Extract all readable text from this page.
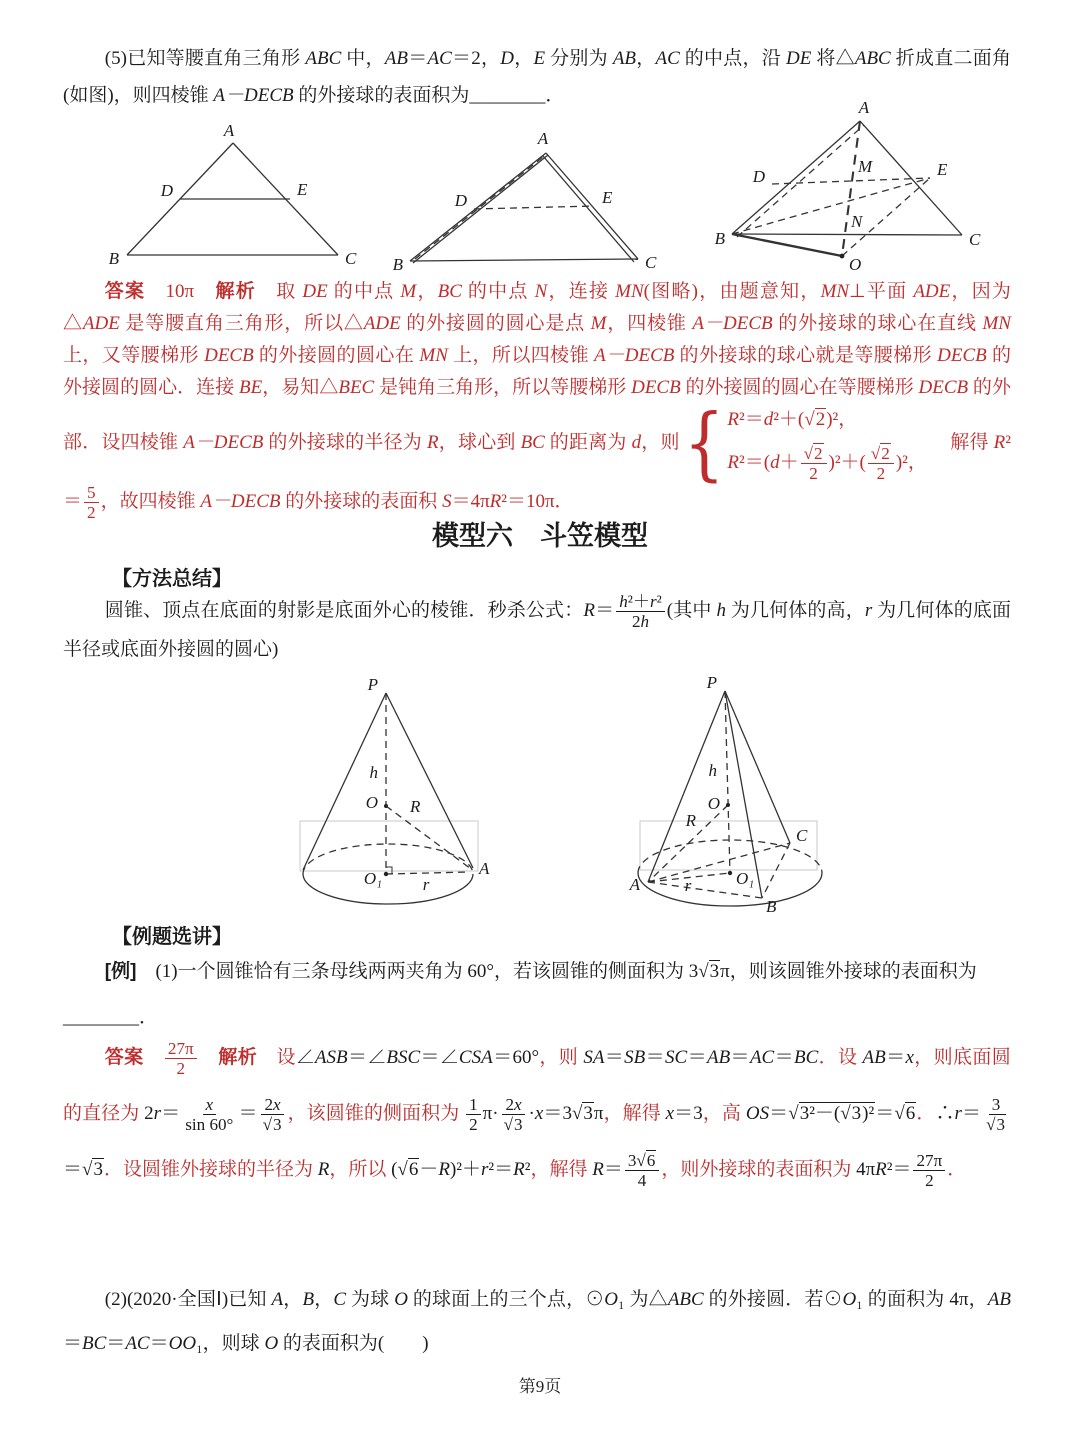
(5)已知等腰直角三角形 ABC 中，AB＝AC＝2，D，E 分别为 AB，AC 的中点，沿 DE 将△ABC 折成直二面角(如图)，则四棱锥 A－DECB 的外接球的表面积为________．
A
B	C
D	E
A
B	C
D	E
A
D
M	E
B
N
C
O
答案　10π　解析　取 DE 的中点 M，BC 的中点 N，连接 MN(图略)，由题意知，MN⊥平面 ADE，因为△ADE 是等腰直角三角形，所以△ADE 的外接圆的圆心是点 M，四棱锥 A－DECB 的外接球的球心在直线 MN 上，又等腰梯形 DECB 的外接圆的圆心在 MN 上，所以四棱锥 A－DECB 的外接球的球心就是等腰梯形 DECB 的外接圆的圆心．连接 BE，易知△BEC 是钝角三角形，所以等腰梯形 DECB 的外接圆的圆心在等腰梯形 DECB 的外部．设四棱锥 A－DECB 的外接球的半径为 R，球心到 BC 的距离为 d，则 { R²＝d²＋(√2)²，
$R^2=(d+ \frac{√2}{2} )^2+( \frac{√2}{2} )^2$，
　解得 $R^2= \frac{5}{2}$ ，故四棱锥 A－DECB 的外接球的表面积 S＝4πR²＝10π．
模型六　斗笠模型
【方法总结】
圆锥、顶点在底面的射影是底面外心的棱锥．秒杀公式：$R= \frac{\text{h²＋r²}}{2h}$ (其中 h 为几何体的高，r 为几何体的底面半径或底面外接圆的圆心)
P
h
O R
O₁ r
A
P
h
O
R
O₁
r
A
B
C
【例题选讲】
[例]　(1)一个圆锥恰有三条母线两两夹角为 60°，若该圆锥的侧面积为 3√3π，则该圆锥外接球的表面积为
________．
答案　 $\frac{27\pi}{2}$
　 解析　 设∠ASB＝∠BSC＝∠CSA＝60°，则 SA＝SB＝SC＝AB＝AC＝BC．设 AB＝x，则底面圆的直径为 $2r= \frac{x}{\sin 60^\circ} = \frac{2x}{√3}$ ，该圆锥的侧面积为 $\frac{1}{2} \pi\cdot \frac{2x}{√3} \cdot x=3√3\pi$，解得 x＝3，高 OS＝√3²－(√3)²＝√6．∴r＝ $\frac{3}{√3}$
＝√3．设圆锥外接球的半径为 R，所以 (√6－R)²＋r²＝R²，解得 $R= \frac{3√6}{4}$ ，则外接球的表面积为 $4\pi R^2= \frac{27\pi}{2}$ ．
(2)(2020·全国Ⅰ)已知 A，B，C 为球 O 的球面上的三个点，⊙O₁ 为△ABC 的外接圆．若⊙O₁ 的面积为 4π，AB＝BC＝AC＝OO₁，则球 O 的表面积为(　　)
第9页
